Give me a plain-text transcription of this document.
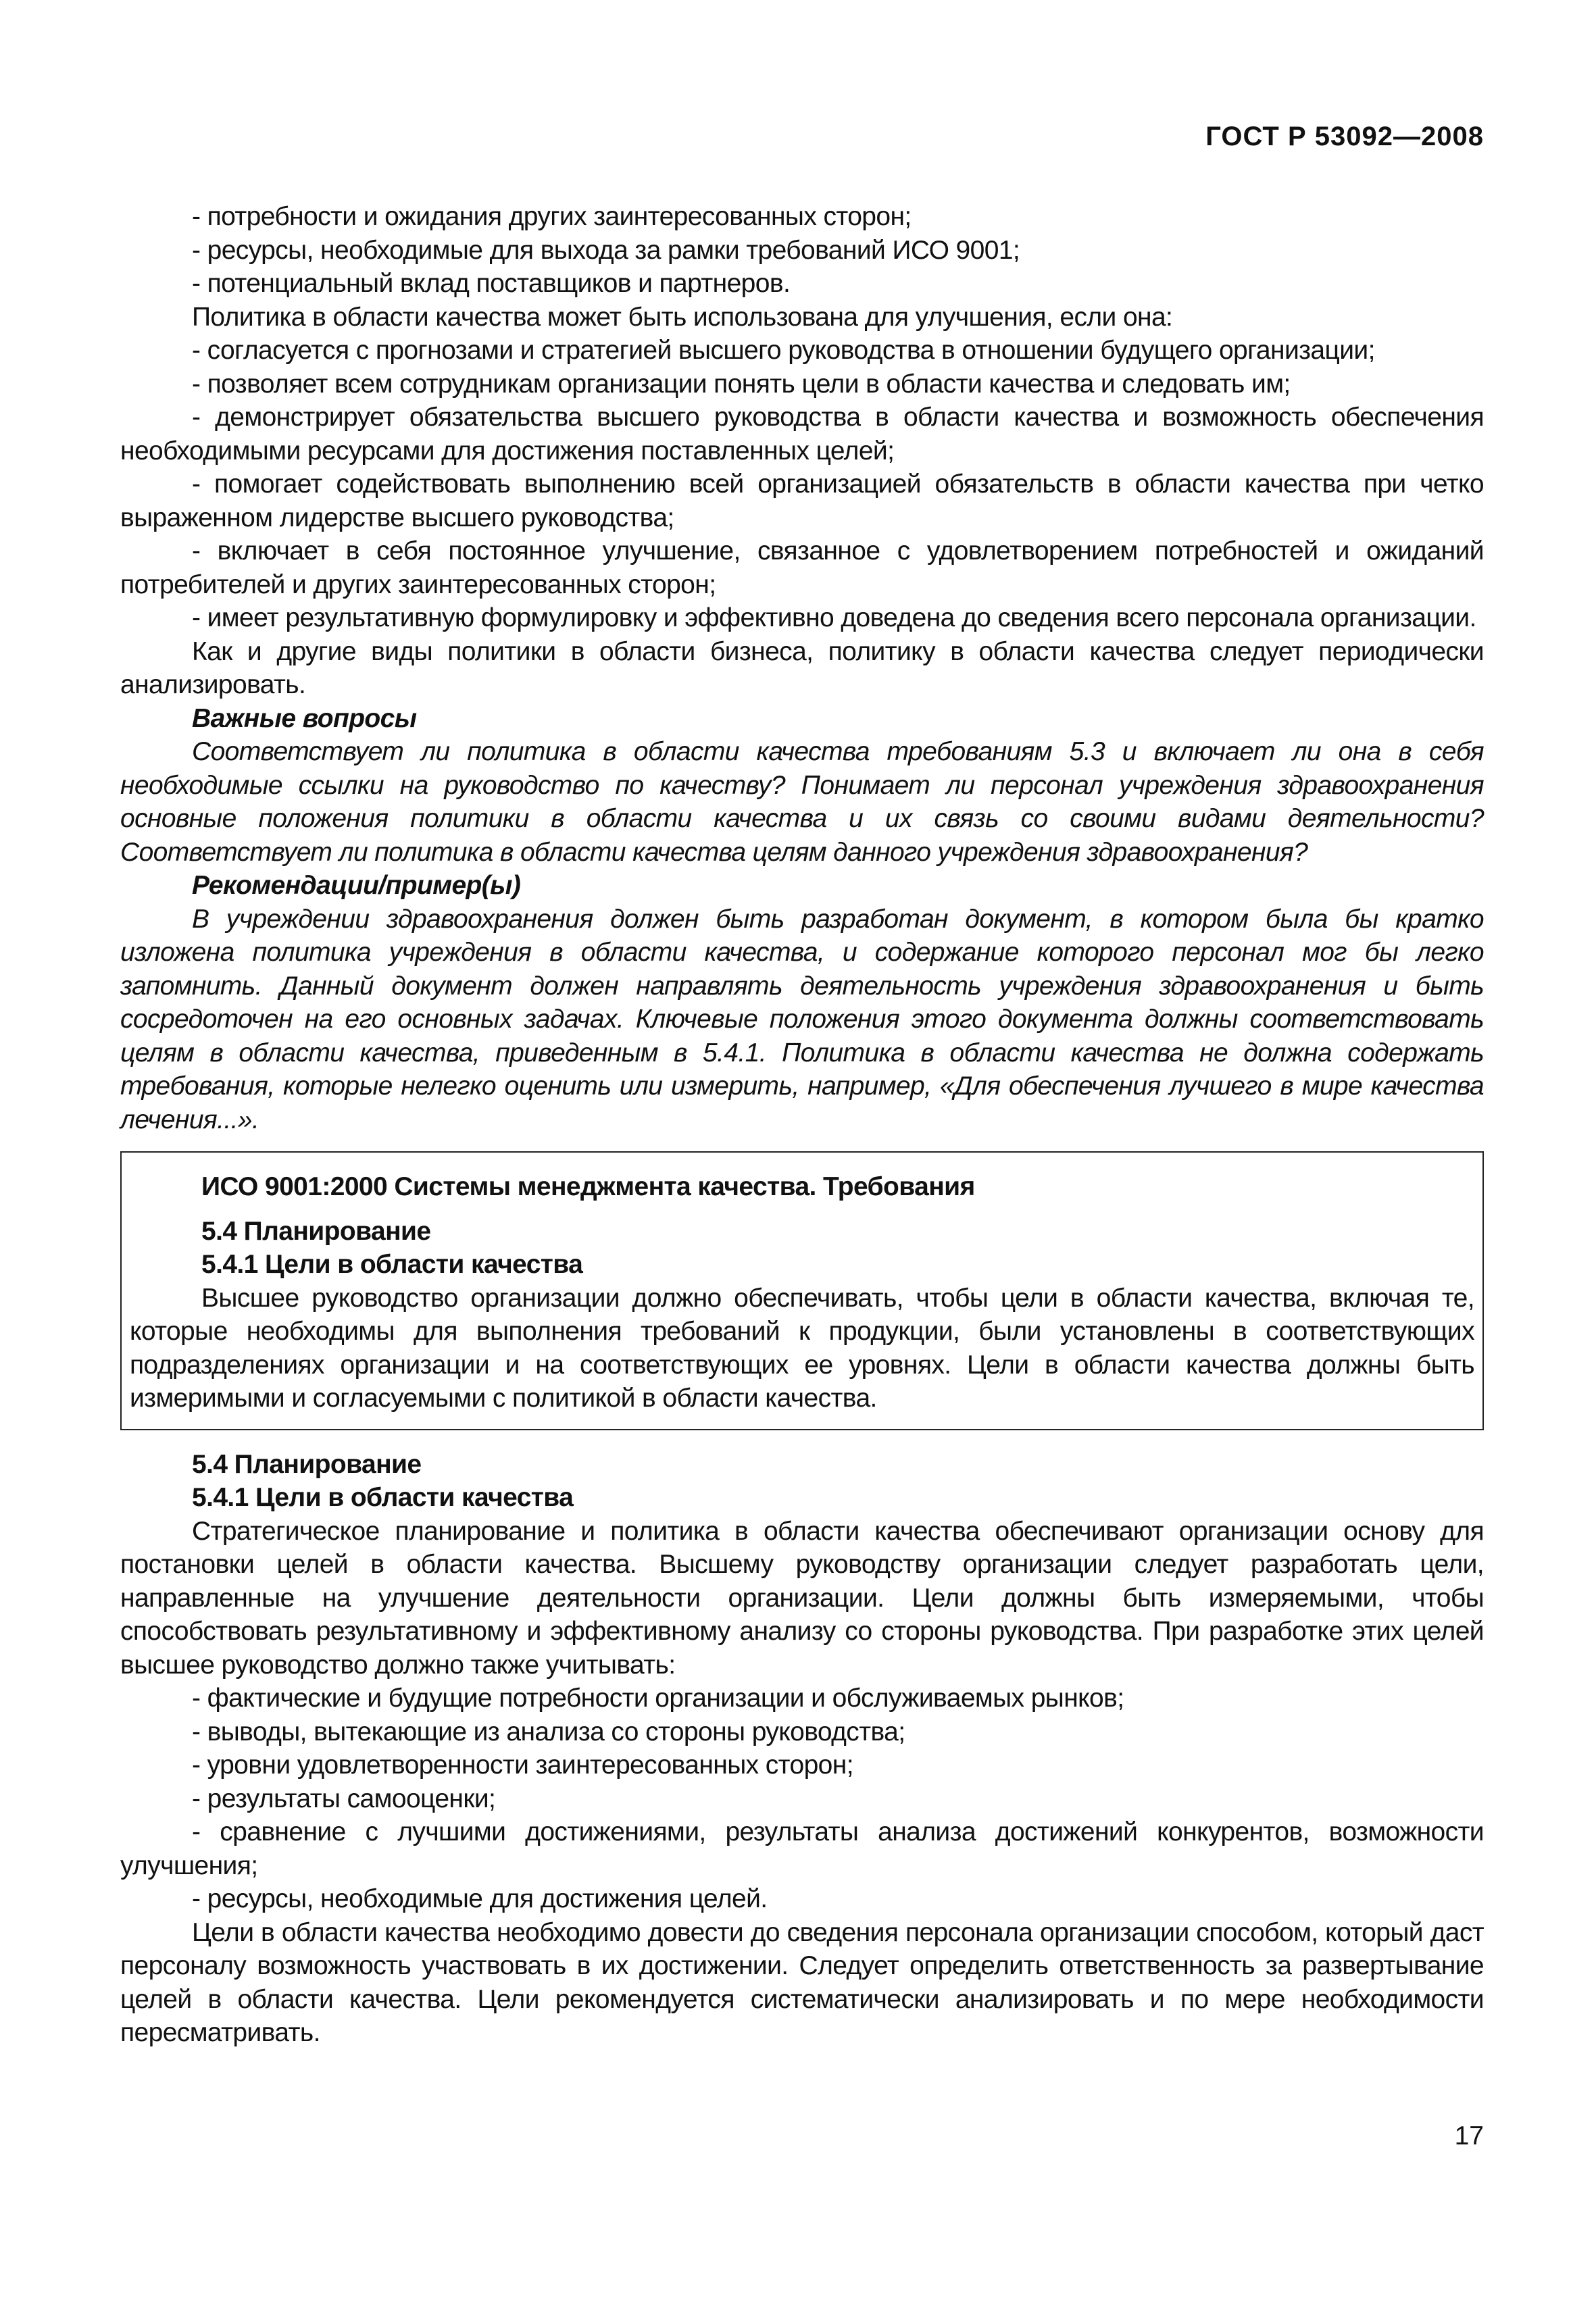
ГОСТ Р 53092—2008

- потребности и ожидания других заинтересованных сторон;

- ресурсы, необходимые для выхода за рамки требований ИСО 9001;

- потенциальный вклад поставщиков и партнеров.

Политика в области качества может быть использована для улучшения, если она:

- согласуется с прогнозами и стратегией высшего руководства в отношении будущего организации;

- позволяет всем сотрудникам организации понять цели в области качества и следовать им;

- демонстрирует обязательства высшего руководства в области качества и возможность обеспечения необходимыми ресурсами для достижения поставленных целей;

- помогает содействовать выполнению всей организацией обязательств в области качества при четко выраженном лидерстве высшего руководства;

- включает в себя постоянное улучшение, связанное с удовлетворением потребностей и ожиданий потребителей и других заинтересованных сторон;

- имеет результативную формулировку и эффективно доведена до сведения всего персонала организации.

Как и другие виды политики в области бизнеса, политику в области качества следует периодически анализировать.

Важные вопросы

Соответствует ли политика в области качества требованиям 5.3 и включает ли она в себя необходимые ссылки на руководство по качеству? Понимает ли персонал учреждения здравоохранения основные положения политики в области качества и их связь со своими видами деятельности? Соответствует ли политика в области качества целям данного учреждения здравоохранения?

Рекомендации/пример(ы)

В учреждении здравоохранения должен быть разработан документ, в котором была бы кратко изложена политика учреждения в области качества, и содержание которого персонал мог бы легко запомнить. Данный документ должен направлять деятельность учреждения здравоохранения и быть сосредоточен на его основных задачах. Ключевые положения этого документа должны соответствовать целям в области качества, приведенным в 5.4.1. Политика в области качества не должна содержать требования, которые нелегко оценить или измерить, например, «Для обеспечения лучшего в мире качества лечения...».

ИСО 9001:2000 Системы менеджмента качества. Требования

5.4 Планирование

5.4.1 Цели в области качества

Высшее руководство организации должно обеспечивать, чтобы цели в области качества, включая те, которые необходимы для выполнения требований к продукции, были установлены в соответствующих подразделениях организации и на соответствующих ее уровнях. Цели в области качества должны быть измеримыми и согласуемыми с политикой в области качества.

5.4 Планирование

5.4.1 Цели в области качества

Стратегическое планирование и политика в области качества обеспечивают организации основу для постановки целей в области качества. Высшему руководству организации следует разработать цели, направленные на улучшение деятельности организации. Цели должны быть измеряемыми, чтобы способствовать результативному и эффективному анализу со стороны руководства. При разработке этих целей высшее руководство должно также учитывать:

- фактические и будущие потребности организации и обслуживаемых рынков;

- выводы, вытекающие из анализа со стороны руководства;

- уровни удовлетворенности заинтересованных сторон;

- результаты самооценки;

- сравнение с лучшими достижениями, результаты анализа достижений конкурентов, возможности улучшения;

- ресурсы, необходимые для достижения целей.

Цели в области качества необходимо довести до сведения персонала организации способом, который даст персоналу возможность участвовать в их достижении. Следует определить ответственность за развертывание целей в области качества. Цели рекомендуется систематически анализировать и по мере необходимости пересматривать.

17
